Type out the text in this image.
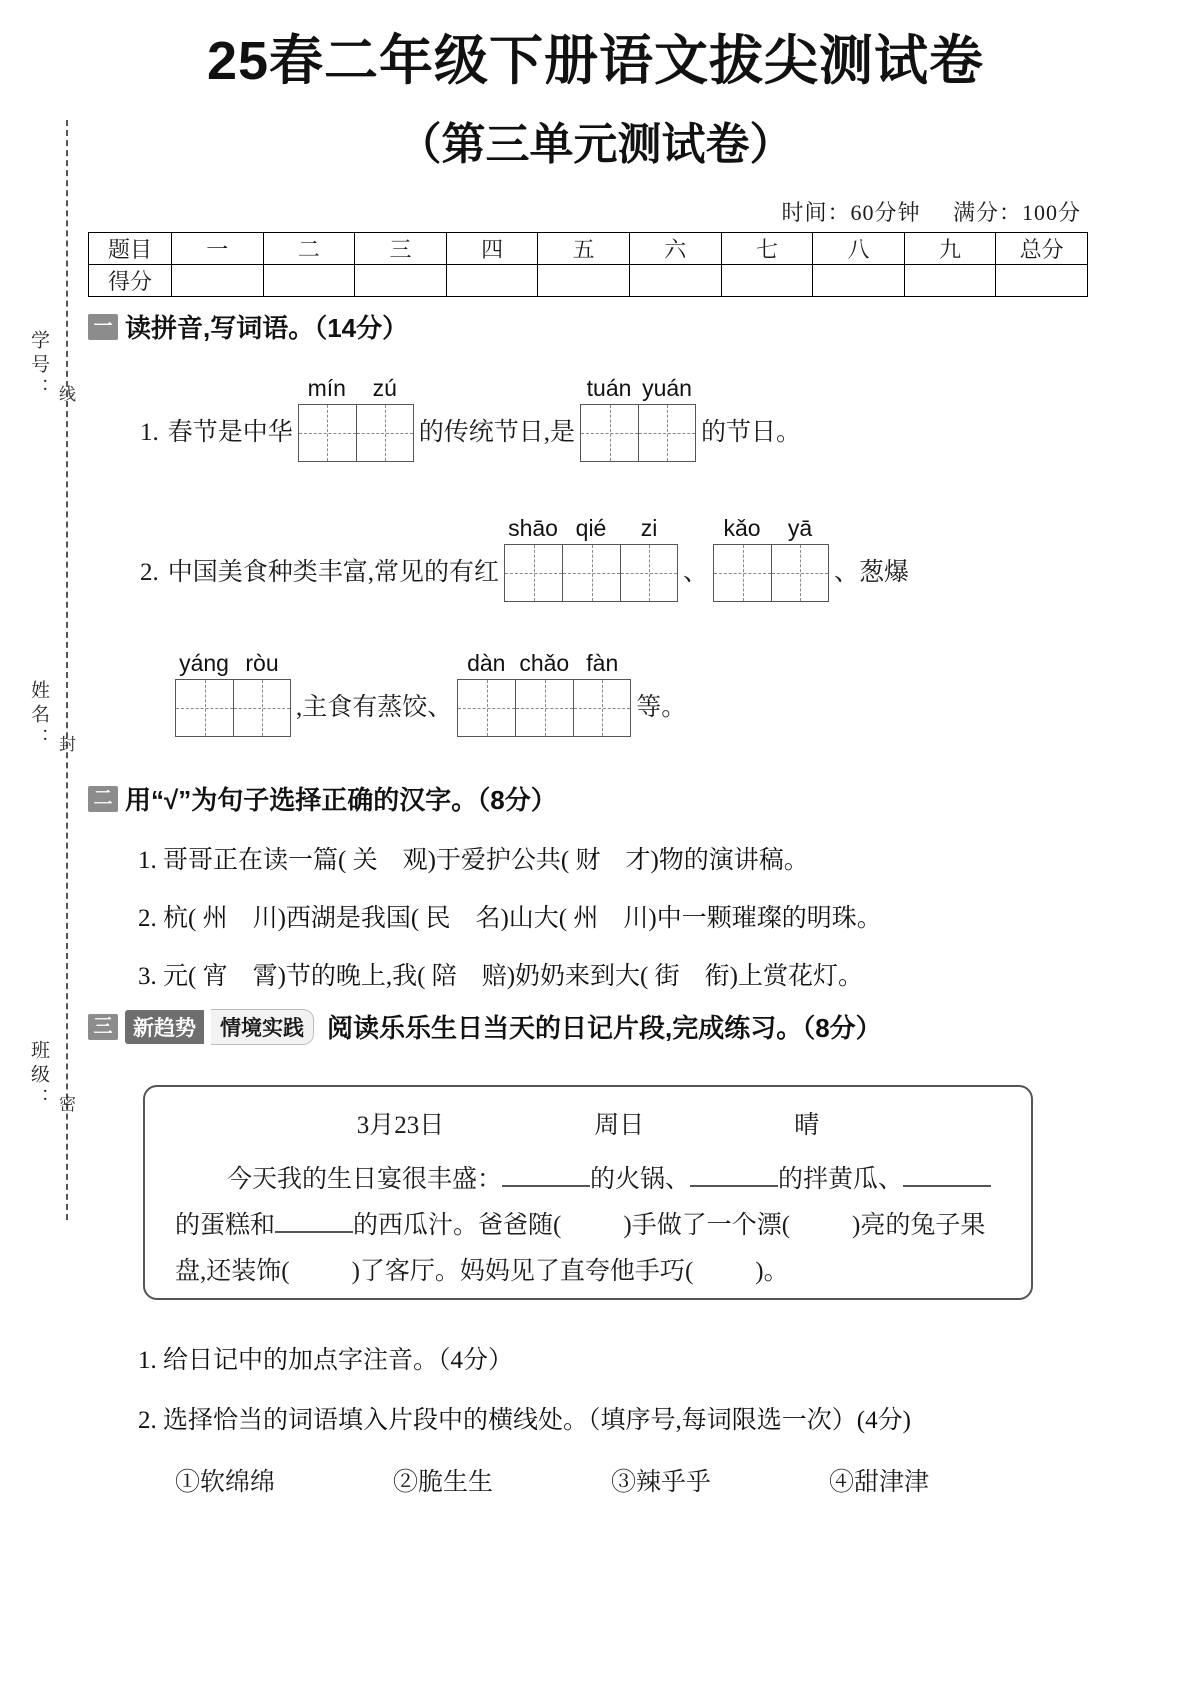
学号：
姓名：
班级：
线
封
密
25春二年级下册语文拔尖测试卷
（第三单元测试卷）
时间：60分钟 满分：100分
题目	一	二	三	四	五	六	七	八	九	总分
得分										
一 读拼音,写词语。（14分）
1. 春节是中华
mín	zú
的传统节日,是
tuán yuán
的节日。
2. 中国美食种类丰富,常见的有红
shāo qié	zi
、
kǎo	yā
、葱爆
yáng ròu
,主食有蒸饺、
dàn chǎo fàn
等。
二 用“√”为句子选择正确的汉字。（8分）
1. 哥哥正在读一篇( 关　观)于爱护公共( 财　才)物的演讲稿。
2. 杭( 州　川)西湖是我国( 民　名)山大( 州　川)中一颗璀璨的明珠。
3. 元( 宵　霄)节的晚上,我( 陪　赔)奶奶来到大( 街　衔)上赏花灯。
三 新趋势	情境实践 阅读乐乐生日当天的日记片段,完成练习。（8分）
3月23日	周日	晴
今天我的生日宴很丰盛：	的火锅、	的拌黄瓜、的蛋糕和	的西瓜汁。爸爸随( )手做了一个漂( )亮的兔子果盘,还装饰( )了客厅。妈妈见了直夸他手巧( )。
1. 给日记中的加点字注音。（4分）
2. 选择恰当的词语填入片段中的横线处。（填序号,每词限选一次）(4分)
①软绵绵	②脆生生	③辣乎乎	④甜津津
